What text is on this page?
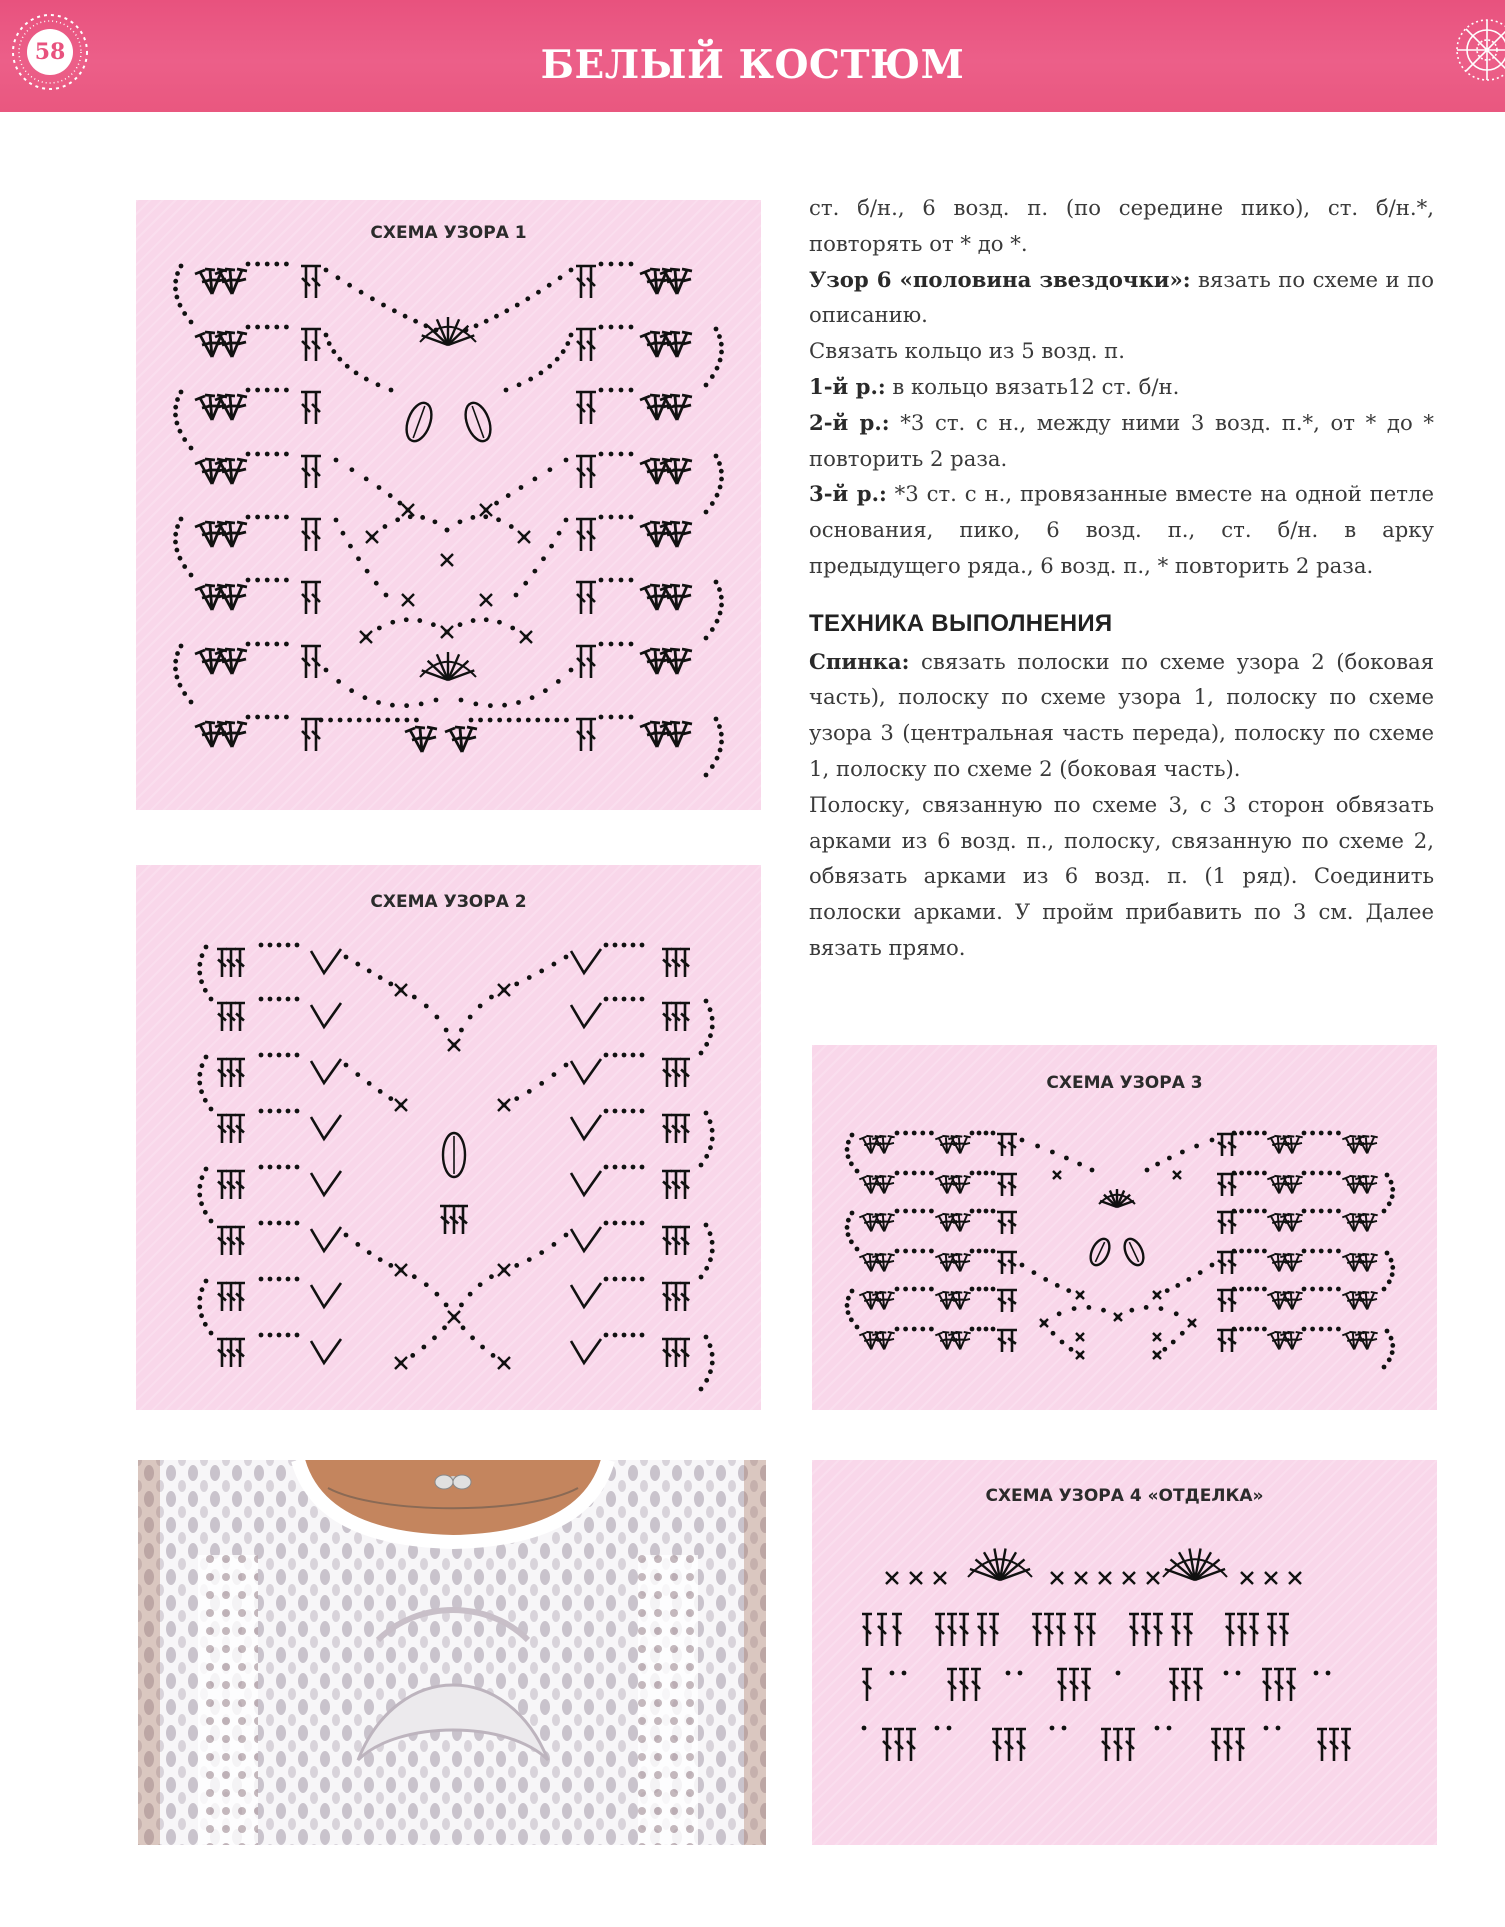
58	БЕЛЫЙ КОСТЮМ
СХЕМА УЗОРА 1
СХЕМА УЗОРА 2

ст. б/н., 6 возд. п. (по середине пико), ст. б/н.*, повторять от * до *.

Узор 6 «половина звездочки»: вязать по схеме и по описанию.

Связать кольцо из 5 возд. п.

1-й р.: в кольцо вязать12 ст. б/н.

2-й р.: *3 ст. с н., между ними 3 возд. п.*, от * до * повторить 2 раза.

3-й р.: *3 ст. с н., провязанные вместе на одной петле основания, пико, 6 возд. п., ст. б/н. в арку предыдущего ряда., 6 возд. п., * повторить 2 раза.

ТЕХНИКА ВЫПОЛНЕНИЯ

Спинка: связать полоски по схеме узора 2 (боковая часть), полоску по схеме узора 1, полоску по схеме узора 3 (центральная часть переда), полоску по схеме 1, полоску по схеме 2 (боковая часть).

Полоску, связанную по схеме 3, с 3 сторон обвязать арками из 6 возд. п., полоску, связанную по схеме 2, обвязать арками из 6 возд. п. (1 ряд). Соединить полоски арками. У пройм прибавить по 3 см. Далее вязать прямо.

СХЕМА УЗОРА 3
СХЕМА УЗОРА 4 «ОТДЕЛКА»
